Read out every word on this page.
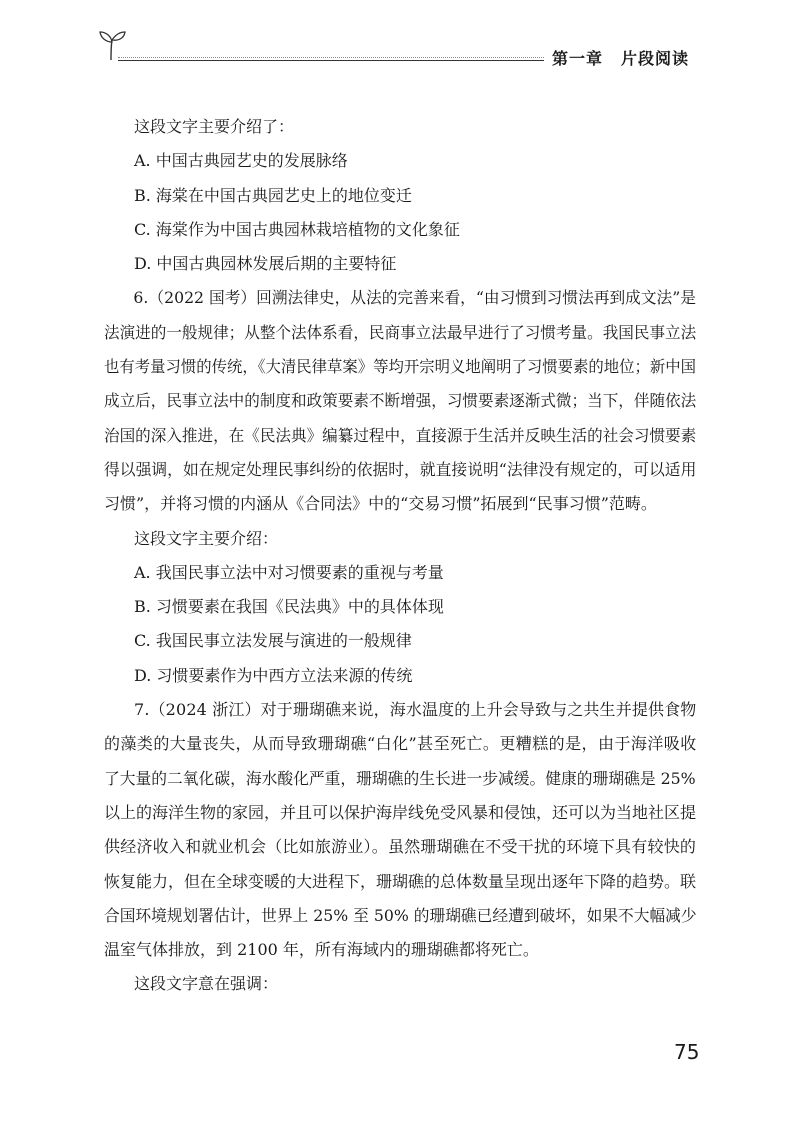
第一章 片段阅读
这段文字主要介绍了：
A. 中国古典园艺史的发展脉络
B. 海棠在中国古典园艺史上的地位变迁
C. 海棠作为中国古典园林栽培植物的文化象征
D. 中国古典园林发展后期的主要特征
6.（2022 国考）回溯法律史，从法的完善来看，“由习惯到习惯法再到成文法”是
法演进的一般规律；从整个法体系看，民商事立法最早进行了习惯考量。我国民事立法
也有考量习惯的传统，《大清民律草案》等均开宗明义地阐明了习惯要素的地位；新中国
成立后，民事立法中的制度和政策要素不断增强，习惯要素逐渐式微；当下，伴随依法
治国的深入推进，在《民法典》编纂过程中，直接源于生活并反映生活的社会习惯要素
得以强调，如在规定处理民事纠纷的依据时，就直接说明“法律没有规定的，可以适用
习惯”，并将习惯的内涵从《合同法》中的“交易习惯”拓展到“民事习惯”范畴。
这段文字主要介绍：
A. 我国民事立法中对习惯要素的重视与考量
B. 习惯要素在我国《民法典》中的具体体现
C. 我国民事立法发展与演进的一般规律
D. 习惯要素作为中西方立法来源的传统
7.（2024 浙江）对于珊瑚礁来说，海水温度的上升会导致与之共生并提供食物
的藻类的大量丧失，从而导致珊瑚礁“白化”甚至死亡。更糟糕的是，由于海洋吸收
了大量的二氧化碳，海水酸化严重，珊瑚礁的生长进一步减缓。健康的珊瑚礁是 25%
以上的海洋生物的家园，并且可以保护海岸线免受风暴和侵蚀，还可以为当地社区提
供经济收入和就业机会（比如旅游业）。虽然珊瑚礁在不受干扰的环境下具有较快的
恢复能力，但在全球变暖的大进程下，珊瑚礁的总体数量呈现出逐年下降的趋势。联
合国环境规划署估计，世界上 25% 至 50% 的珊瑚礁已经遭到破坏，如果不大幅减少
温室气体排放，到 2100 年，所有海域内的珊瑚礁都将死亡。
这段文字意在强调：
75
